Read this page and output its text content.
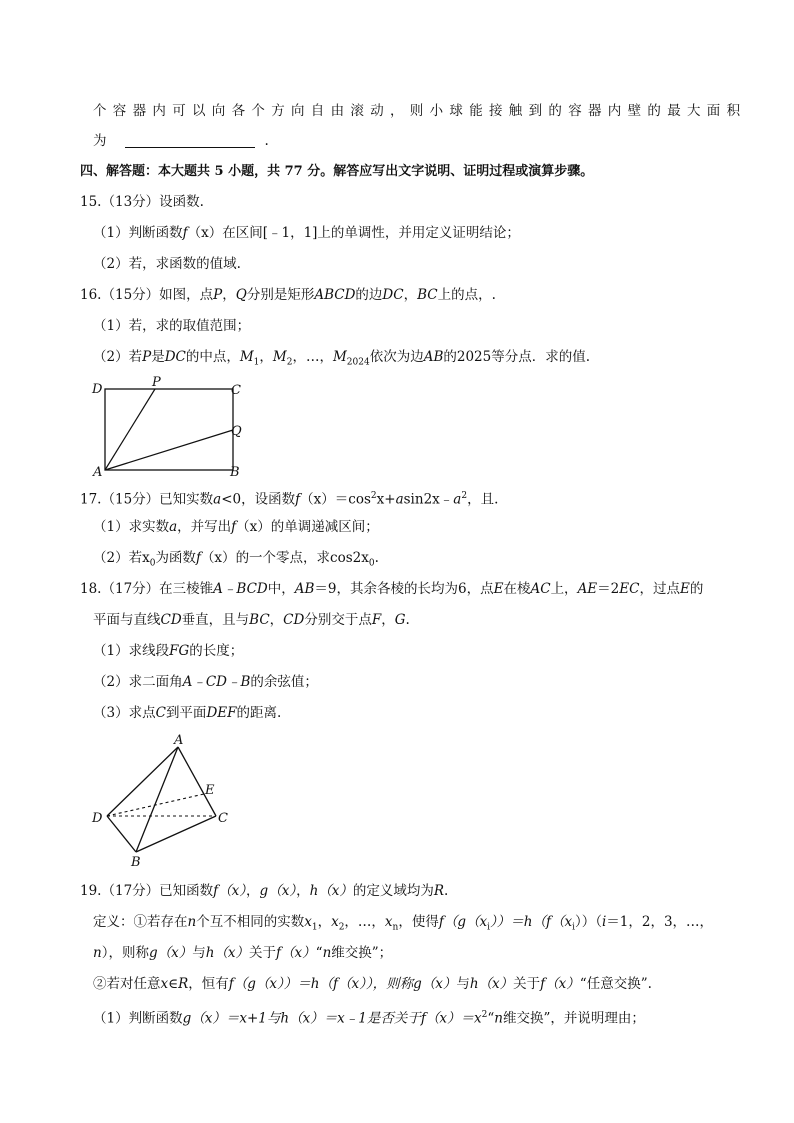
个容器内可以向各个方向自由滚动，则小球能接触到的容器内壁的最大面积
为	.
四、解答题：本大题共 5 小题，共 77 分。解答应写出文字说明、证明过程或演算步骤。
15.（13分）设函数.
（1）判断函数f（x）在区间[﹣1，1]上的单调性，并用定义证明结论；
（2）若，求函数的值域.
16.（15分）如图，点P，Q分别是矩形ABCD的边DC，BC上的点，.
（1）若，求的取值范围；
（2）若P是DC的中点，$M_1$，$M_2$，…，$M_{2024}$依次为边AB的2025等分点．求的值.
D	P
C
Q
A	B
17.（15分）已知实数a<0，设函数$f(x)=\cos^2x+asin2x﹣a^2$，且.
（1）求实数a，并写出f（x）的单调递减区间；
（2）若$x_0$为函数f（x）的一个零点，求$\cos 2x_0$.
18.（17分）在三棱锥A﹣BCD中，AB＝9，其余各棱的长均为6，点E在棱AC上，AE＝2EC，过点E的
平面与直线CD垂直，且与BC，CD分别交于点F，G.
（1）求线段FG的长度；
（2）求二面角A﹣CD﹣B的余弦值；
（3）求点C到平面DEF的距离.
A
E
D	C
B
19.（17分）已知函数f（x），g（x），h（x）的定义域均为R.
定义：①若存在n个互不相同的实数$x_1$，$x_2$，…，$x_n$，使得$f(g(x_i))=h(f(x_i))(i=1$，2，3，…，
n），则称g（x）与h（x）关于f（x）“n维交换”；
②若对任意x∈R，恒有f（g（x））＝h（f（x）），则称g（x）与h（x）关于f（x）“任意交换”.
（1）判断函数g（x）＝x+1与h（x）＝x﹣1是否关于$f(x)=x^2“n$维交换”，并说明理由；
